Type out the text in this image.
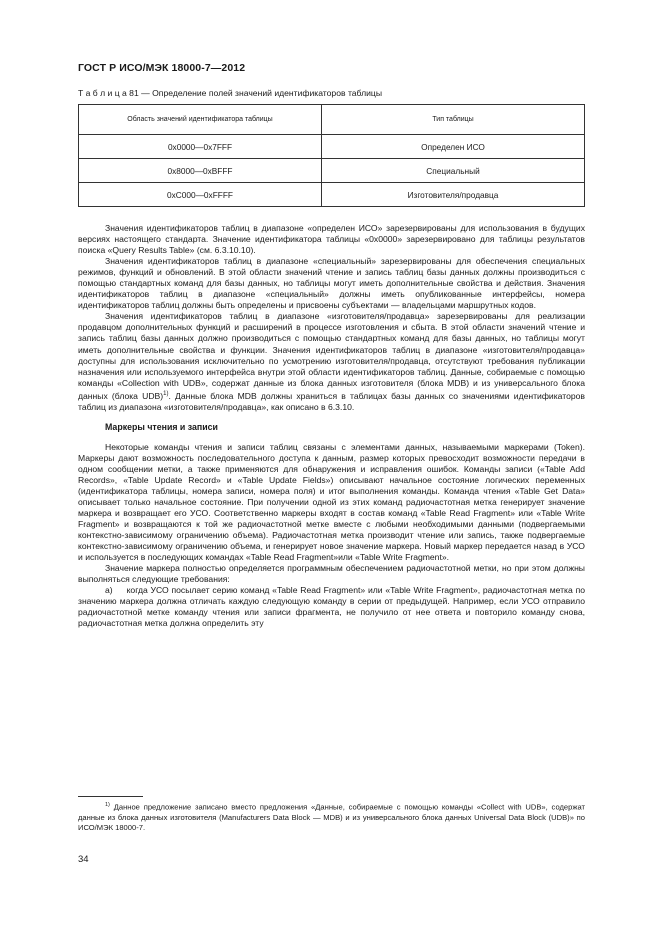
ГОСТ Р ИСО/МЭК 18000-7—2012
Т а б л и ц а 81 — Определение полей значений идентификаторов таблицы
Область значений идентификатора таблицы	Тип таблицы
0x0000—0x7FFF	Определен ИСО
0x8000—0xBFFF	Специальный
0xC000—0xFFFF	Изготовителя/продавца

Значения идентификаторов таблиц в диапазоне «определен ИСО» зарезервированы для использования в будущих версиях настоящего стандарта. Значение идентификатора таблицы «0x0000» зарезервировано для таблицы результатов поиска «Query Results Table» (см. 6.3.10.10).

Значения идентификаторов таблиц в диапазоне «специальный» зарезервированы для обеспечения специальных режимов, функций и обновлений. В этой области значений чтение и запись таблиц базы данных должны производиться с помощью стандартных команд для базы данных, но таблицы могут иметь дополнительные свойства и действия. Значения идентификаторов таблиц в диапазоне «специальный» должны иметь опубликованные интерфейсы, номера идентификаторов таблиц должны быть определены и присвоены субъектами — владельцами маршрутных кодов.

Значения идентификаторов таблиц в диапазоне «изготовителя/продавца» зарезервированы для реализации продавцом дополнительных функций и расширений в процессе изготовления и сбыта. В этой области значений чтение и запись таблиц базы данных должно производиться с помощью стандартных команд для базы данных, но таблицы могут иметь дополнительные свойства и функции. Значения идентификаторов таблиц в диапазоне «изготовителя/продавца» доступны для использования исключительно по усмотрению изготовителя/продавца, отсутствуют требования публикации назначения или используемого интерфейса внутри этой области идентификаторов таблиц. Данные, собираемые с помощью команды «Collection with UDB», содержат данные из блока данных изготовителя (блока MDB) и из универсального блока данных (блока UDB)$^{1)}$. Данные блока MDB должны храниться в таблицах базы данных со значениями идентификаторов таблиц из диапазона «изготовителя/продавца», как описано в 6.3.10.

Маркеры чтения и записи

Некоторые команды чтения и записи таблиц связаны с элементами данных, называемыми маркерами (Token). Маркеры дают возможность последовательного доступа к данным, размер которых превосходит возможности передачи в одном сообщении метки, а также применяются для обнаружения и исправления ошибок. Команды записи («Table Add Records», «Table Update Record» и «Table Update Fields») описывают начальное состояние логических переменных (идентификатора таблицы, номера записи, номера поля) и итог выполнения команды. Команда чтения «Table Get Data» описывает только начальное состояние. При получении одной из этих команд радиочастотная метка генерирует значение маркера и возвращает его УСО. Соответственно маркеры входят в состав команд «Table Read Fragment» или «Table Write Fragment» и возвращаются к той же радиочастотной метке вместе с любыми необходимыми данными (подвергаемыми контекстно-зависимому ограничению объема). Радиочастотная метка производит чтение или запись, также подвергаемые контекстно-зависимому ограничению объема, и генерирует новое значение маркера. Новый маркер передается назад в УСО и используется в последующих командах «Table Read Fragment»или «Table Write Fragment».

Значение маркера полностью определяется программным обеспечением радиочастотной метки, но при этом должны выполняться следующие требования:

а)     когда УСО посылает серию команд «Table Read Fragment» или «Table Write Fragment», радиочастотная метка по значению маркера должна отличать каждую следующую команду в серии от предыдущей. Например, если УСО отправило радиочастотной метке команду чтения или записи фрагмента, не получило от нее ответа и повторило команду снова, радиочастотная метка должна определить эту

$^{1)}$ Данное предложение записано вместо предложения «Данные, собираемые с помощью команды «Collect with UDB», содержат данные из блока данных изготовителя (Manufacturers Data Block — MDB) и из универсального блока данных Universal Data Block (UDB)» по ИСО/МЭК 18000-7.

34
